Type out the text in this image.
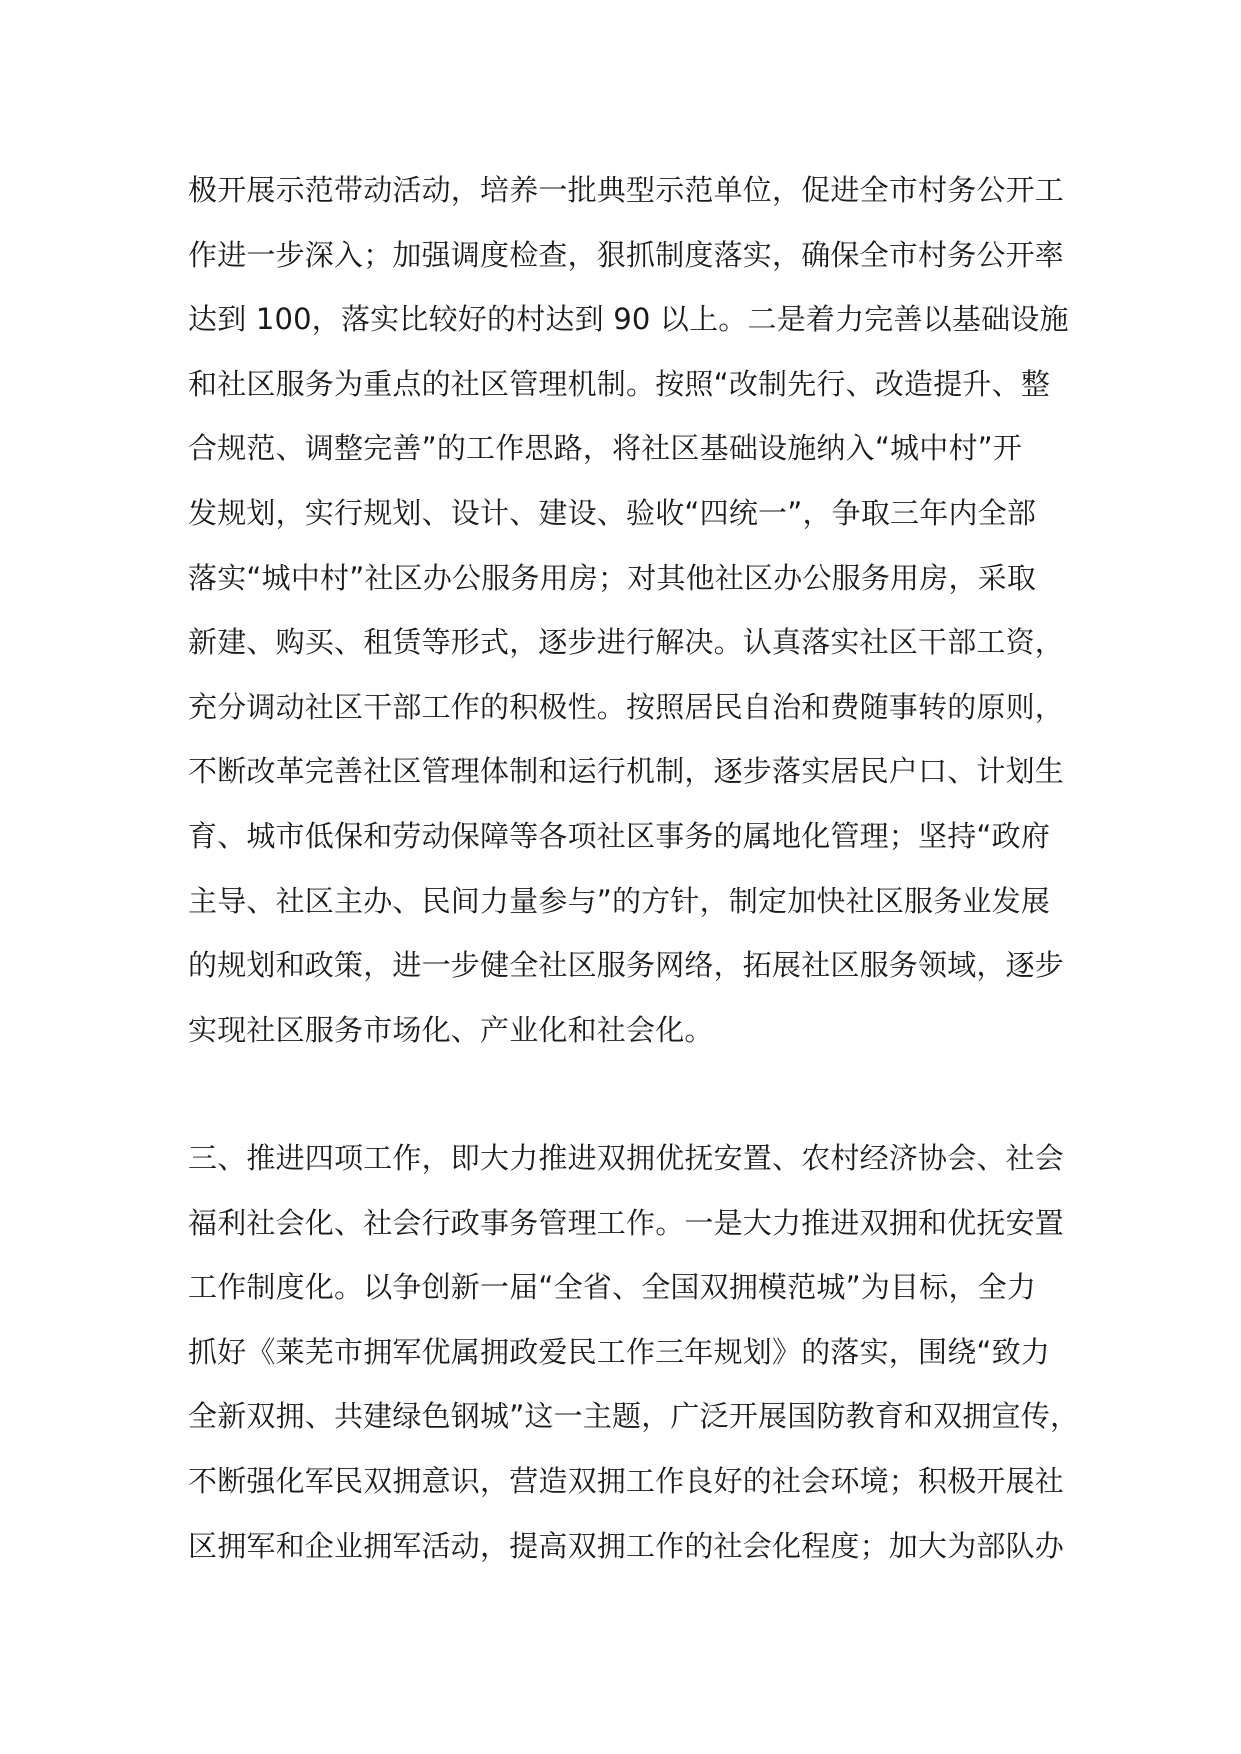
极开展示范带动活动，培养一批典型示范单位，促进全市村务公开工
作进一步深入；加强调度检查，狠抓制度落实，确保全市村务公开率
达到 100，落实比较好的村达到 90 以上。二是着力完善以基础设施
和社区服务为重点的社区管理机制。按照“改制先行、改造提升、整
合规范、调整完善”的工作思路，将社区基础设施纳入“城中村”开
发规划，实行规划、设计、建设、验收“四统一”，争取三年内全部
落实“城中村”社区办公服务用房；对其他社区办公服务用房，采取
新建、购买、租赁等形式，逐步进行解决。认真落实社区干部工资，
充分调动社区干部工作的积极性。按照居民自治和费随事转的原则，
不断改革完善社区管理体制和运行机制，逐步落实居民户口、计划生
育、城市低保和劳动保障等各项社区事务的属地化管理；坚持“政府
主导、社区主办、民间力量参与”的方针，制定加快社区服务业发展
的规划和政策，进一步健全社区服务网络，拓展社区服务领域，逐步
实现社区服务市场化、产业化和社会化。
三、推进四项工作，即大力推进双拥优抚安置、农村经济协会、社会
福利社会化、社会行政事务管理工作。一是大力推进双拥和优抚安置
工作制度化。以争创新一届“全省、全国双拥模范城”为目标，全力
抓好《莱芜市拥军优属拥政爱民工作三年规划》的落实，围绕“致力
全新双拥、共建绿色钢城”这一主题，广泛开展国防教育和双拥宣传，
不断强化军民双拥意识，营造双拥工作良好的社会环境；积极开展社
区拥军和企业拥军活动，提高双拥工作的社会化程度；加大为部队办
